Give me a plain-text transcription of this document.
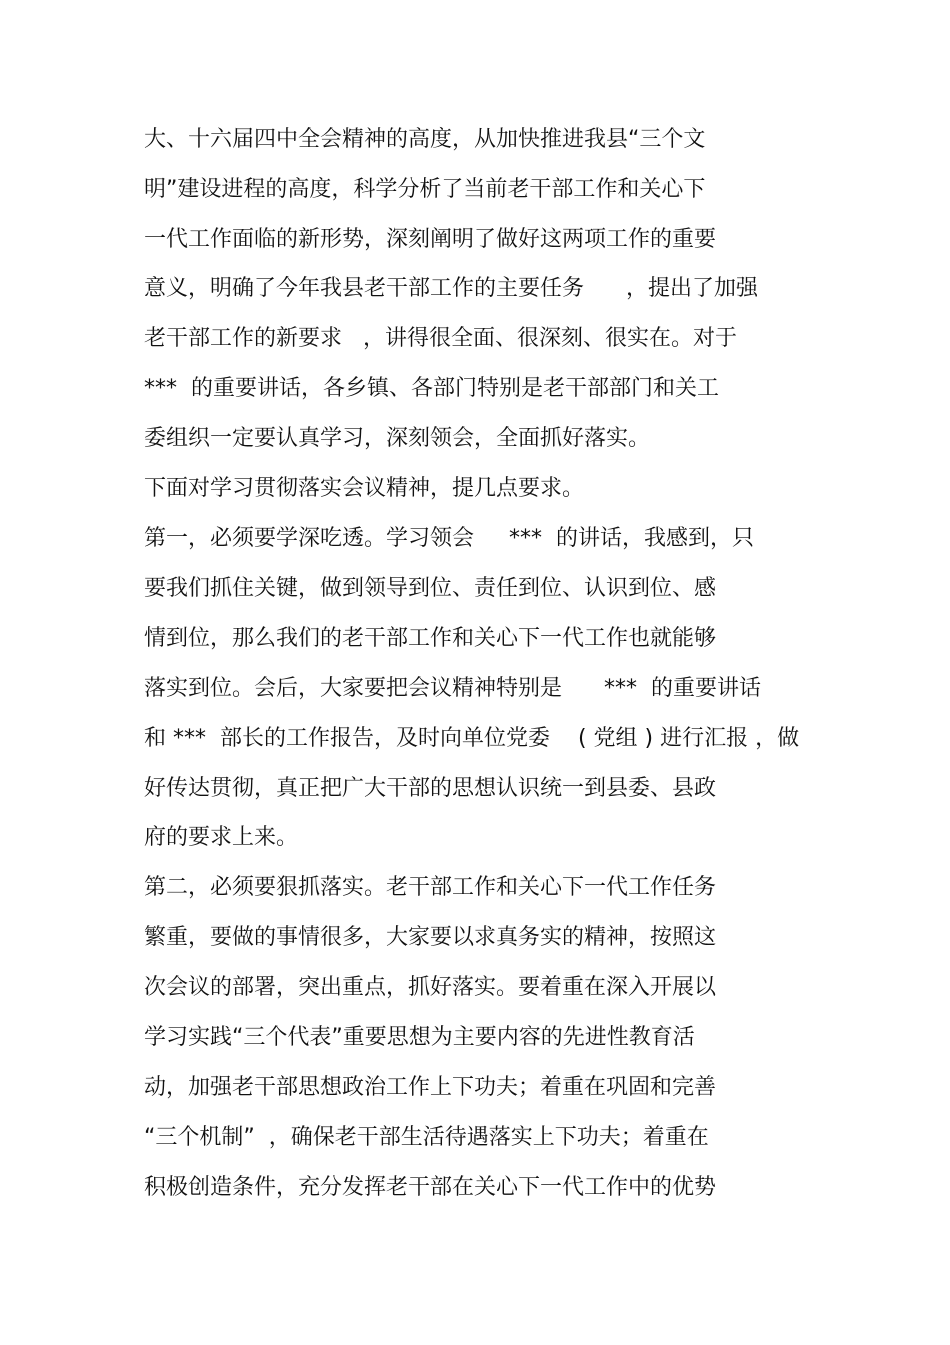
大、十六届四中全会精神的高度，从加快推进我县“三个文
明”建设进程的高度，科学分析了当前老干部工作和关心下
一代工作面临的新形势，深刻阐明了做好这两项工作的重要
意义，明确了今年我县老干部工作的主要任务      ，提出了加强
老干部工作的新要求   ，讲得很全面、很深刻、很实在。对于
***  的重要讲话，各乡镇、各部门特别是老干部部门和关工
委组织一定要认真学习，深刻领会，全面抓好落实。
下面对学习贯彻落实会议精神，提几点要求。
第一，必须要学深吃透。学习领会     ***  的讲话，我感到，只
要我们抓住关键，做到领导到位、责任到位、认识到位、感
情到位，那么我们的老干部工作和关心下一代工作也就能够
落实到位。会后，大家要把会议精神特别是      ***  的重要讲话
和 ***  部长的工作报告，及时向单位党委    ( 党组 ) 进行汇报 ，做
好传达贯彻，真正把广大干部的思想认识统一到县委、县政
府的要求上来。
第二，必须要狠抓落实。老干部工作和关心下一代工作任务
繁重，要做的事情很多，大家要以求真务实的精神，按照这
次会议的部署，突出重点，抓好落实。要着重在深入开展以
学习实践“三个代表”重要思想为主要内容的先进性教育活
动，加强老干部思想政治工作上下功夫；着重在巩固和完善
“三个机制”  ，确保老干部生活待遇落实上下功夫；着重在
积极创造条件，充分发挥老干部在关心下一代工作中的优势
